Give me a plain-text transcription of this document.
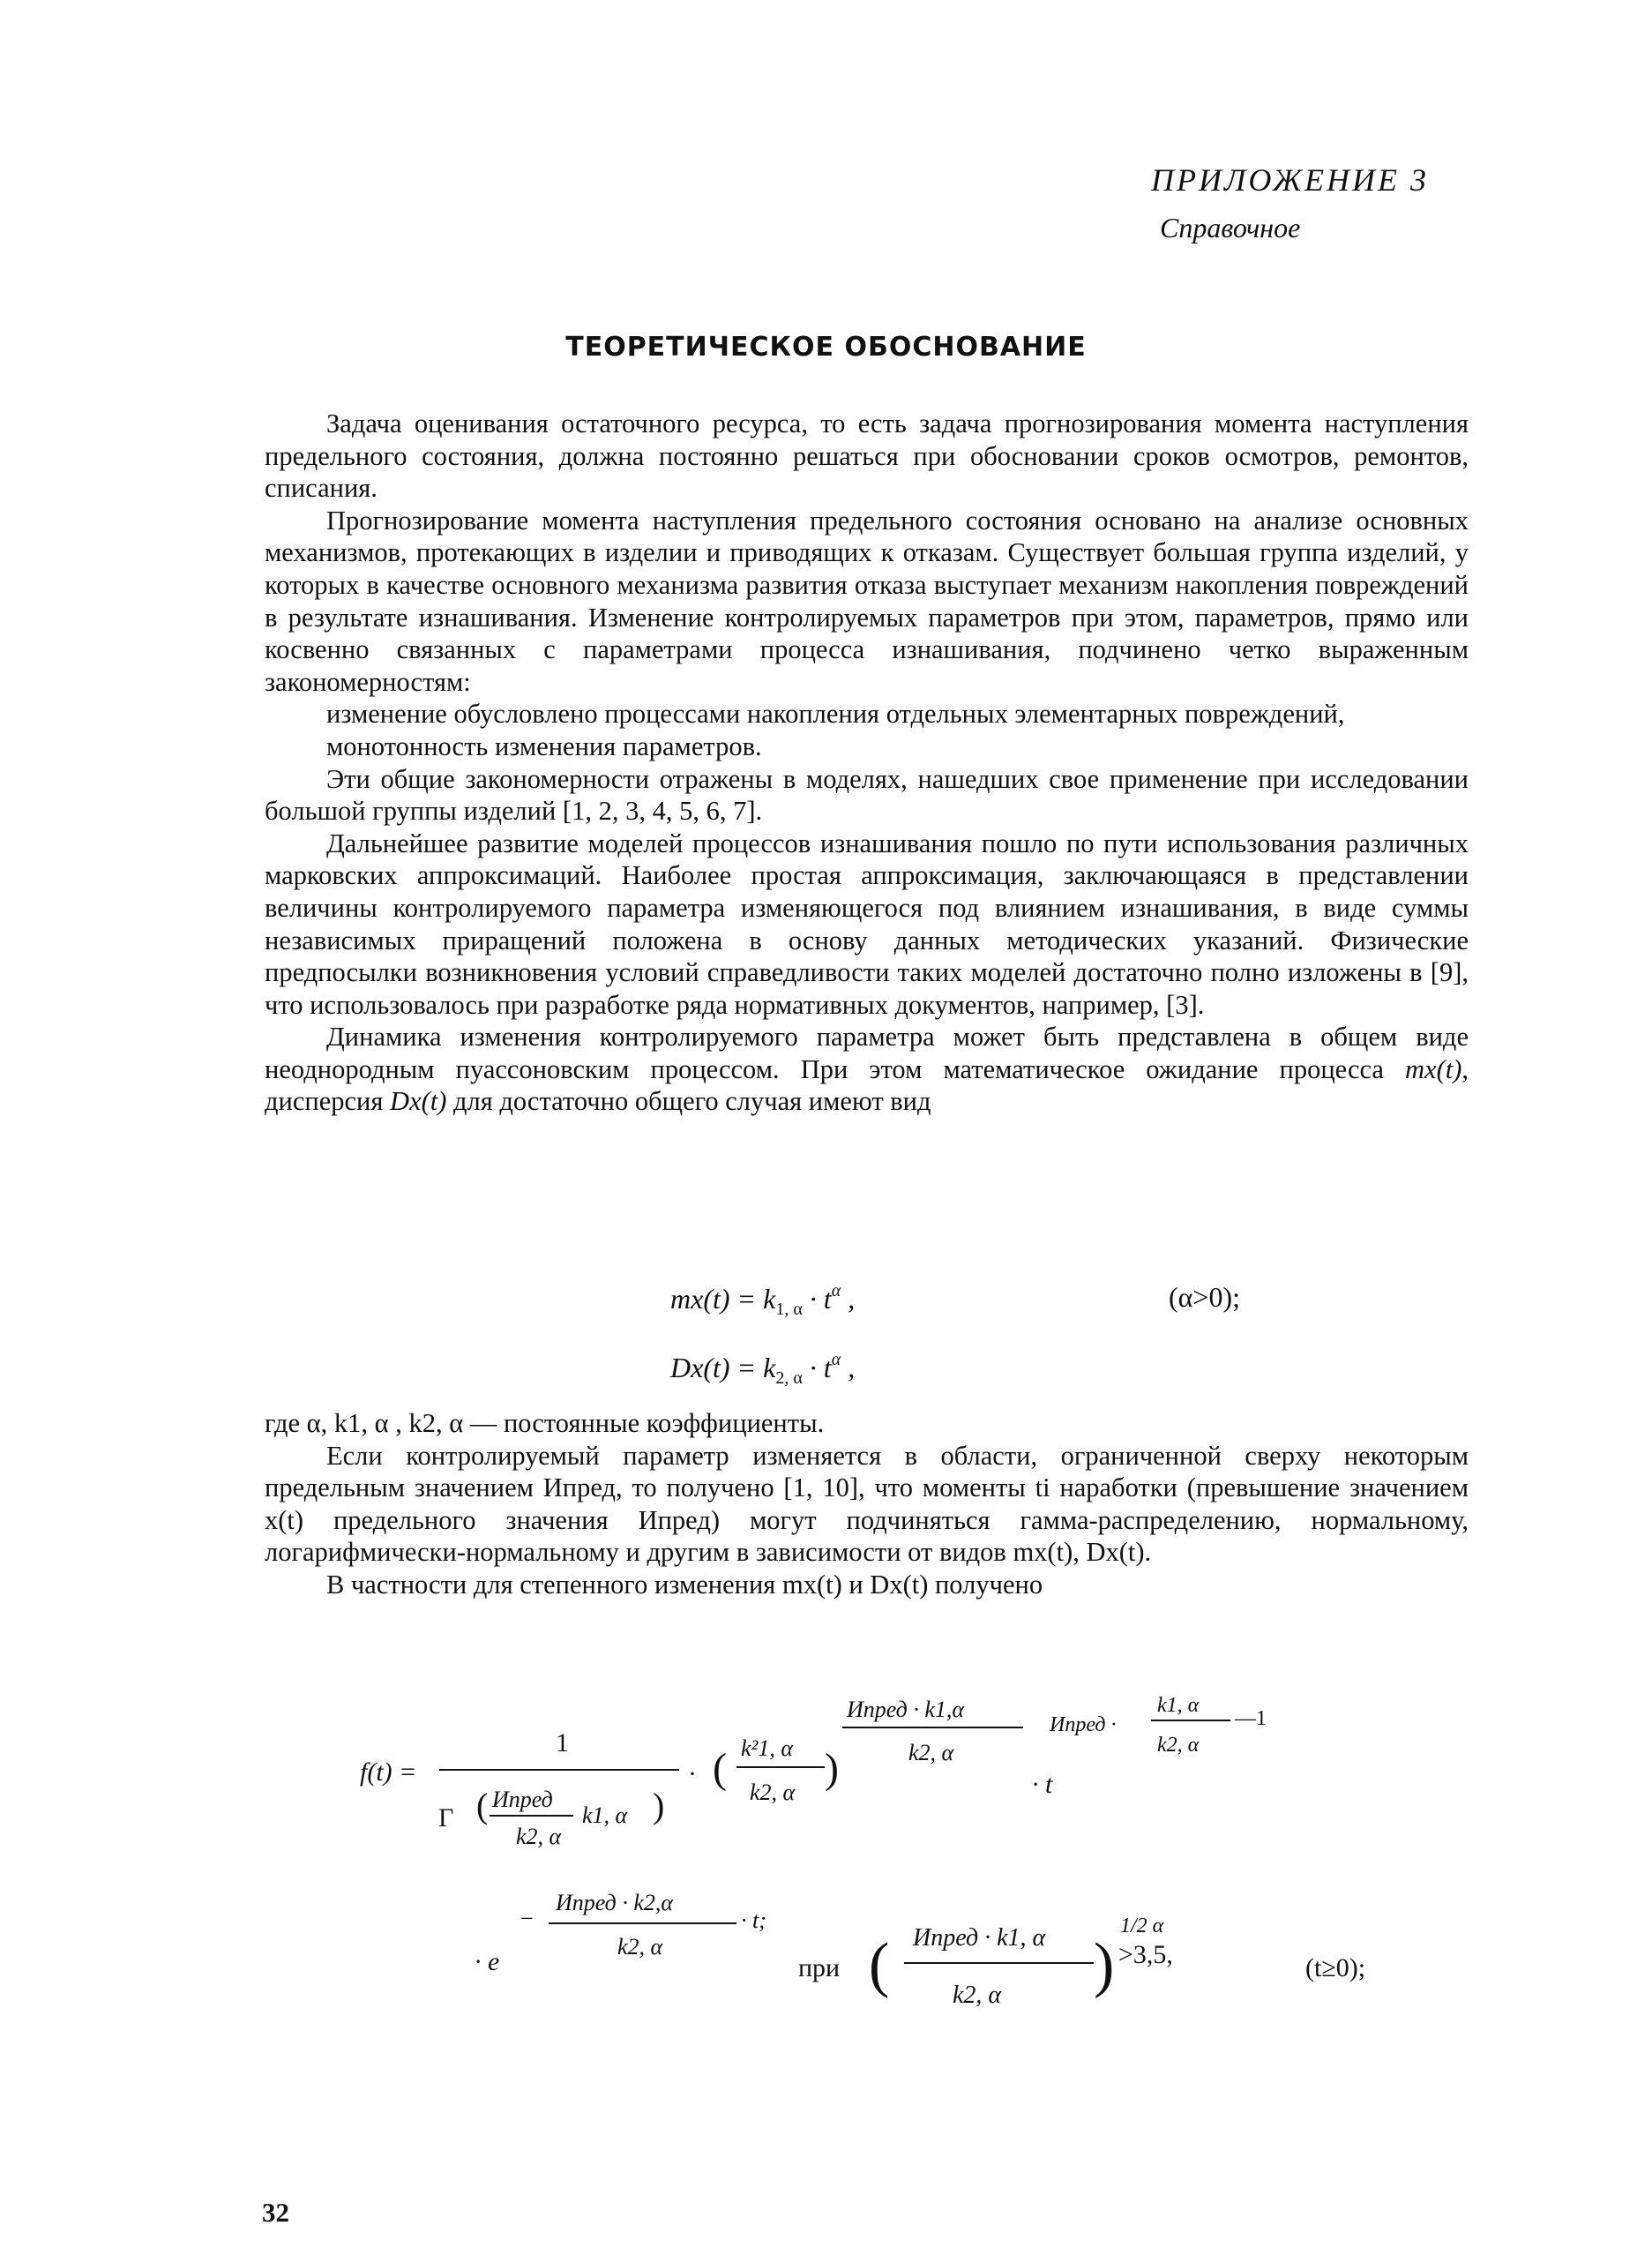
ПРИЛОЖЕНИЕ 3
Справочное
ТЕОРЕТИЧЕСКОЕ ОБОСНОВАНИЕ

Задача оценивания остаточного ресурса, то есть задача прогнозирования момента наступления предельного состояния, должна постоянно решаться при обосновании сроков осмотров, ремонтов, списания.

Прогнозирование момента наступления предельного состояния основано на анализе основных механизмов, протекающих в изделии и приводящих к отказам. Существует большая группа изделий, у которых в качестве основного механизма развития отказа выступает механизм накопления повреждений в результате изнашивания. Изменение контролируемых параметров при этом, параметров, прямо или косвенно связанных с параметрами процесса изнашивания, подчинено четко выраженным закономерностям:

изменение обусловлено процессами накопления отдельных элементарных повреждений,

монотонность изменения параметров.

Эти общие закономерности отражены в моделях, нашедших свое применение при исследовании большой группы изделий [1, 2, 3, 4, 5, 6, 7].

Дальнейшее развитие моделей процессов изнашивания пошло по пути использования различных марковских аппроксимаций. Наиболее простая аппроксимация, заключающаяся в представлении величины контролируемого параметра изменяющегося под влиянием изнашивания, в виде суммы независимых приращений положена в основу данных методических указаний. Физические предпосылки возникновения условий справедливости таких моделей достаточно полно изложены в [9], что использовалось при разработке ряда нормативных документов, например, [3].

Динамика изменения контролируемого параметра может быть представлена в общем виде неоднородным пуассоновским процессом. При этом математическое ожидание процесса mx(t), дисперсия Dx(t) для достаточно общего случая имеют вид

$mx(t) = k_{1, \alpha} \cdot t^\alpha$ ,	(α>0);
$Dx(t) = k_{2, \alpha} \cdot t^\alpha$ ,

где α, k1, α , k2, α — постоянные коэффициенты.

Если контролируемый параметр изменяется в области, ограниченной сверху некоторым предельным значением Ипред, то получено [1, 10], что моменты ti наработки (превышение значением x(t) предельного значения Ипред) могут подчиняться гамма-распределению, нормальному, логарифмически-нормальному и другим в зависимости от видов mx(t), Dx(t).

В частности для степенного изменения mx(t) и Dx(t) получено

f(t) =
1
Г ( Ипред
k2, α
k1, α )
· ( k²1, α
k2, α
)
Ипред · k1,α
k2, α
· t
Ипред ·
k1, α
k2, α
—1
· e
−
Ипред · k2,α
k2, α
· t;
при ( Ипред · k1, α
k2, α )
1/2 α
>3,5,	(t≥0);
32
